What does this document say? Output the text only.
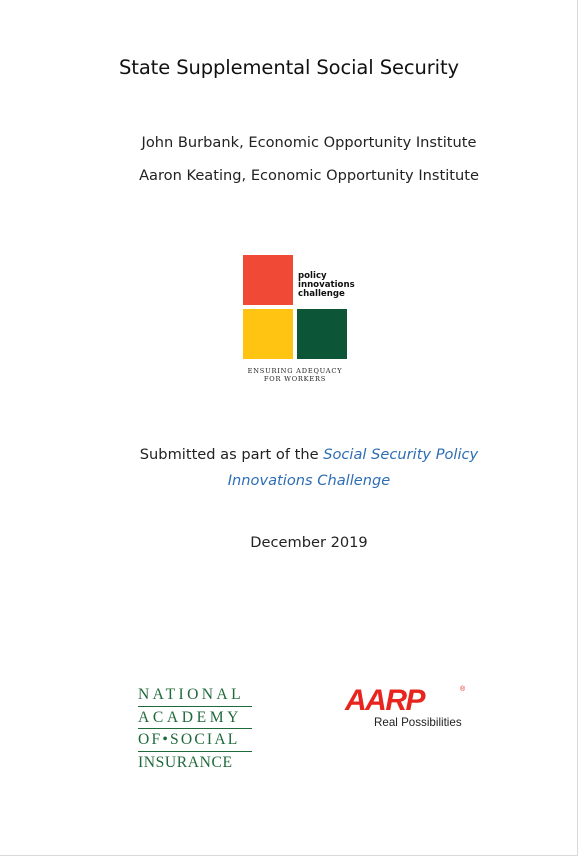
State Supplemental Social Security
John Burbank, Economic Opportunity Institute
Aaron Keating, Economic Opportunity Institute
policy
innovations
challenge
ENSURING ADEQUACY
FOR WORKERS
Submitted as part of the Social Security Policy
Innovations Challenge
December 2019
NATIONAL
ACADEMY
OF•SOCIAL
INSURANCE
AARP	®
Real Possibilities
